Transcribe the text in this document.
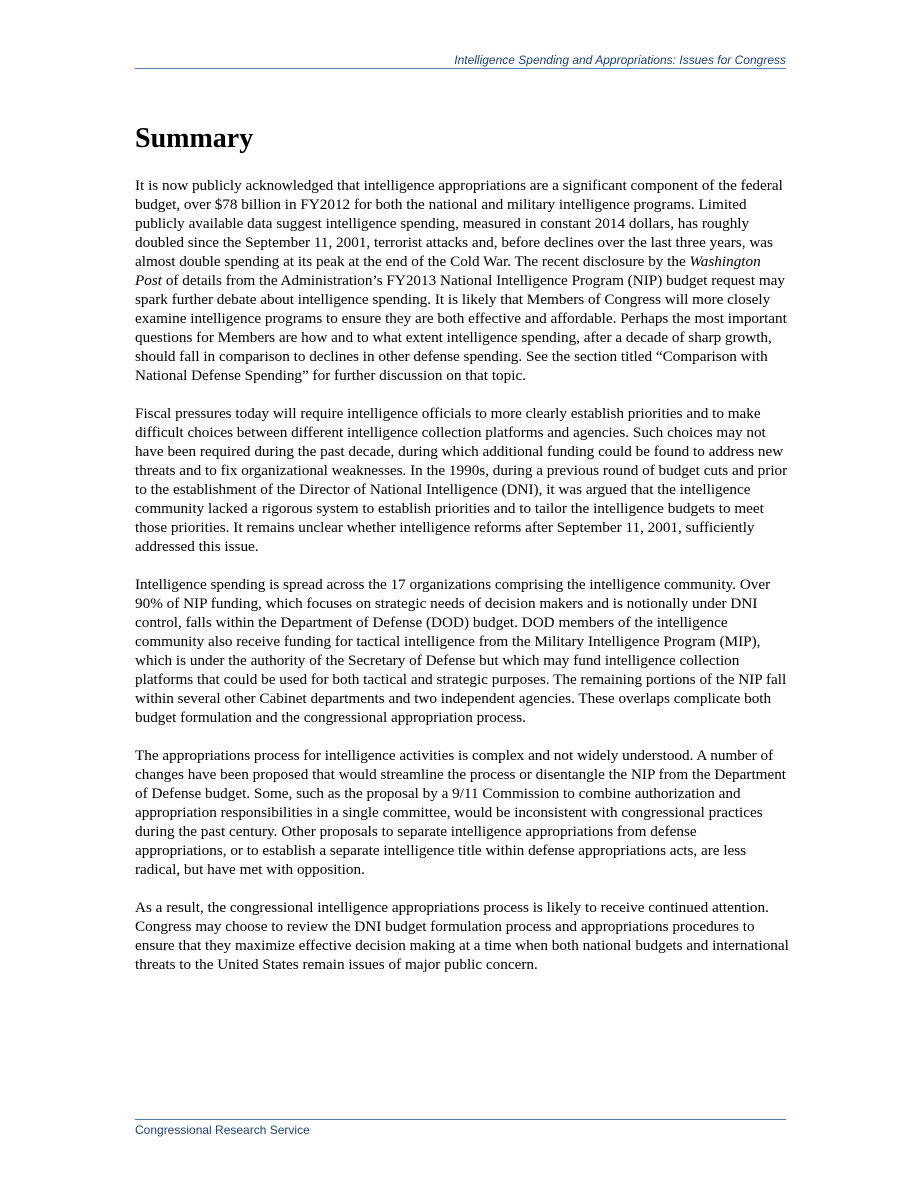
Intelligence Spending and Appropriations: Issues for Congress
Summary

It is now publicly acknowledged that intelligence appropriations are a significant component of the federal budget, over $78 billion in FY2012 for both the national and military intelligence programs. Limited publicly available data suggest intelligence spending, measured in constant 2014 dollars, has roughly doubled since the September 11, 2001, terrorist attacks and, before declines over the last three years, was almost double spending at its peak at the end of the Cold War. The recent disclosure by the Washington Post of details from the Administration’s FY2013 National Intelligence Program (NIP) budget request may spark further debate about intelligence spending. It is likely that Members of Congress will more closely examine intelligence programs to ensure they are both effective and affordable. Perhaps the most important questions for Members are how and to what extent intelligence spending, after a decade of sharp growth, should fall in comparison to declines in other defense spending. See the section titled “Comparison with National Defense Spending” for further discussion on that topic.

Fiscal pressures today will require intelligence officials to more clearly establish priorities and to make difficult choices between different intelligence collection platforms and agencies. Such choices may not have been required during the past decade, during which additional funding could be found to address new threats and to fix organizational weaknesses. In the 1990s, during a previous round of budget cuts and prior to the establishment of the Director of National Intelligence (DNI), it was argued that the intelligence community lacked a rigorous system to establish priorities and to tailor the intelligence budgets to meet those priorities. It remains unclear whether intelligence reforms after September 11, 2001, sufficiently addressed this issue.

Intelligence spending is spread across the 17 organizations comprising the intelligence community. Over 90% of NIP funding, which focuses on strategic needs of decision makers and is notionally under DNI control, falls within the Department of Defense (DOD) budget. DOD members of the intelligence community also receive funding for tactical intelligence from the Military Intelligence Program (MIP), which is under the authority of the Secretary of Defense but which may fund intelligence collection platforms that could be used for both tactical and strategic purposes. The remaining portions of the NIP fall within several other Cabinet departments and two independent agencies. These overlaps complicate both budget formulation and the congressional appropriation process.

The appropriations process for intelligence activities is complex and not widely understood. A number of changes have been proposed that would streamline the process or disentangle the NIP from the Department of Defense budget. Some, such as the proposal by a 9/11 Commission to combine authorization and appropriation responsibilities in a single committee, would be inconsistent with congressional practices during the past century. Other proposals to separate intelligence appropriations from defense appropriations, or to establish a separate intelligence title within defense appropriations acts, are less radical, but have met with opposition.

As a result, the congressional intelligence appropriations process is likely to receive continued attention. Congress may choose to review the DNI budget formulation process and appropriations procedures to ensure that they maximize effective decision making at a time when both national budgets and international threats to the United States remain issues of major public concern.

Congressional Research Service
